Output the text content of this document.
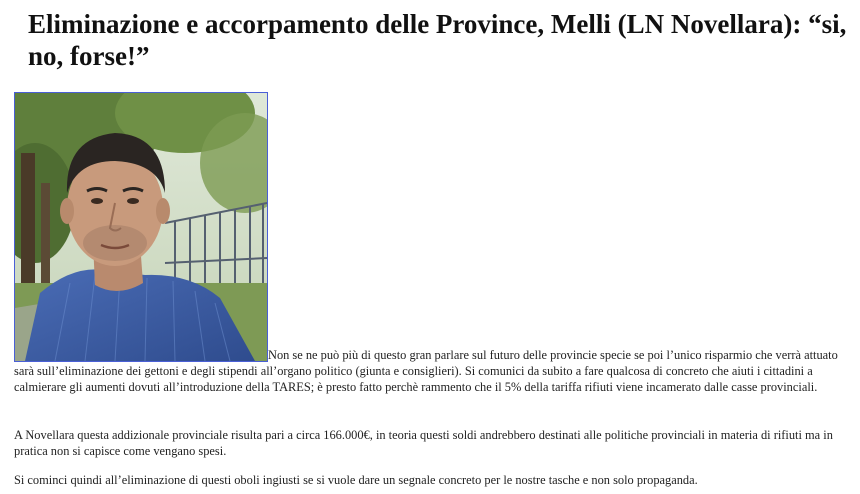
Eliminazione e accorpamento delle Province, Melli (LN Novellara): “si, no, forse!”

Non se ne può più di questo gran parlare sul futuro delle provincie specie se poi l’unico risparmio che verrà attuato sarà sull’eliminazione dei gettoni e degli stipendi all’organo politico (giunta e consiglieri). Si comunici da subito a fare qualcosa di concreto che aiuti i cittadini a calmierare gli aumenti dovuti all’introduzione della TARES; è presto fatto perchè rammento che il 5% della tariffa rifiuti viene incamerato dalle casse provinciali.

A Novellara questa addizionale provinciale risulta pari a circa 166.000€, in teoria questi soldi andrebbero destinati alle politiche provinciali in materia di rifiuti ma in pratica non si capisce come vengano spesi.

Si cominci quindi all’eliminazione di questi oboli ingiusti se si vuole dare un segnale concreto per le nostre tasche e non solo propaganda.
